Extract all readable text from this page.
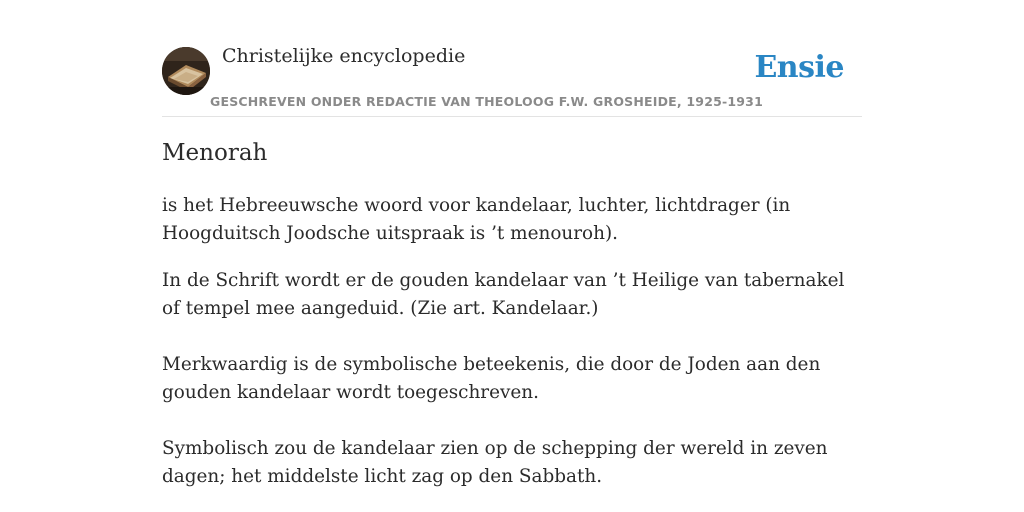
Christelijke encyclopedie
GESCHREVEN ONDER REDACTIE VAN THEOLOOG F.W. GROSHEIDE, 1925-1931
Ensie
Menorah

is het Hebreeuwsche woord voor kandelaar, luchter, lichtdrager (in Hoogduitsch Joodsche uitspraak is ’t menouroh).

In de Schrift wordt er de gouden kandelaar van ’t Heilige van tabernakel of tempel mee aangeduid. (Zie art. Kandelaar.)

Merkwaardig is de symbolische beteekenis, die door de Joden aan den gouden kandelaar wordt toegeschreven.

Symbolisch zou de kandelaar zien op de schepping der wereld in zeven dagen; het middelste licht zag op den Sabbath.
